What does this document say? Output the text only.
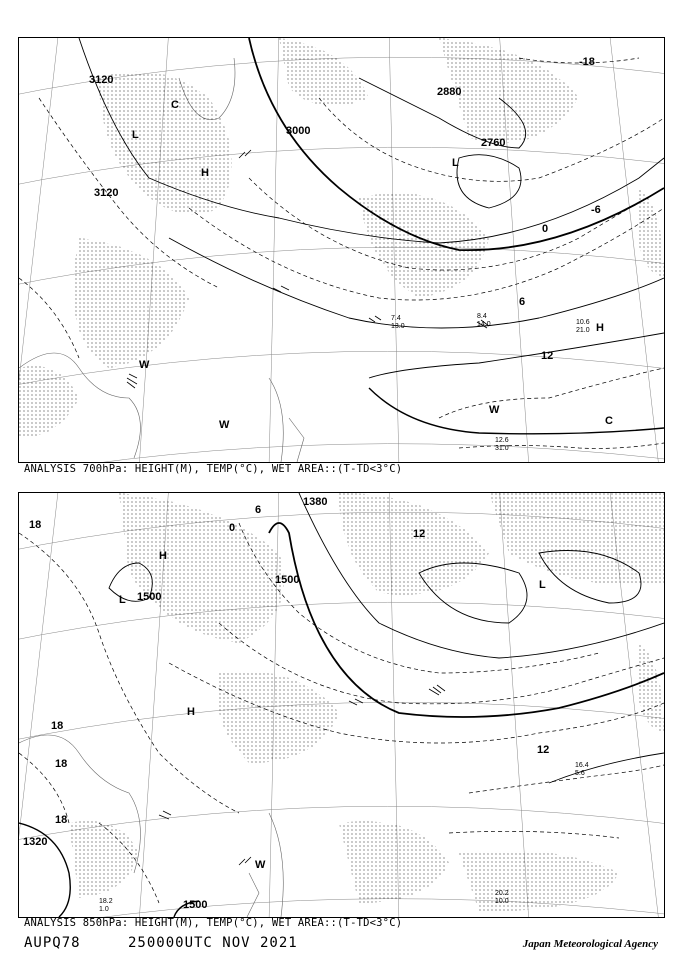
3120
3120
3000
2880
2760
-18
-6
0
6
12
L
H
L
H
C
C
W
W
W
10.6
21.0
12.6
31.0
8.4
14.0
7.4
13.0
ANALYSIS 700hPa: HEIGHT(M), TEMP(°C), WET AREA::(T-TD<3°C)
1380
1500
1500
1500
1320
18
18
18
18
12
12
6
0
H
L
H
L
W
16.4
5.6
20.2
10.0
18.2
1.0
ANALYSIS 850hPa: HEIGHT(M), TEMP(°C), WET AREA::(T-TD<3°C)
AUPQ78	250000UTC NOV 2021	Japan Meteorological Agency
